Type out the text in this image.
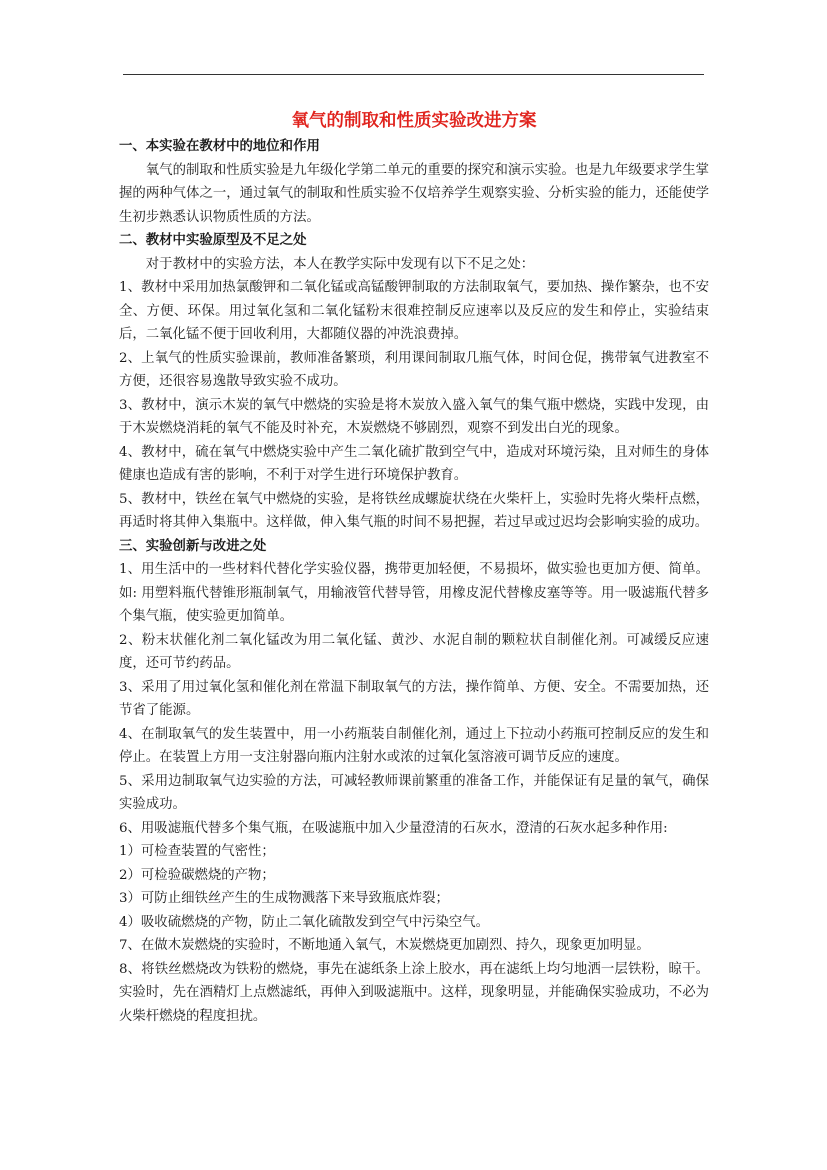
氧气的制取和性质实验改进方案
一、本实验在教材中的地位和作用

氧气的制取和性质实验是九年级化学第二单元的重要的探究和演示实验。也是九年级要求学生掌握的两种气体之一，通过氧气的制取和性质实验不仅培养学生观察实验、分析实验的能力，还能使学生初步熟悉认识物质性质的方法。

二、教材中实验原型及不足之处

对于教材中的实验方法，本人在教学实际中发现有以下不足之处：

1、教材中采用加热氯酸钾和二氧化锰或高锰酸钾制取的方法制取氧气，要加热、操作繁杂，也不安全、方便、环保。用过氧化氢和二氧化锰粉末很难控制反应速率以及反应的发生和停止，实验结束后，二氧化锰不便于回收利用，大都随仪器的冲洗浪费掉。

2、上氧气的性质实验课前，教师准备繁琐，利用课间制取几瓶气体，时间仓促，携带氧气进教室不方便，还很容易逸散导致实验不成功。

3、教材中，演示木炭的氧气中燃烧的实验是将木炭放入盛入氧气的集气瓶中燃烧，实践中发现，由于木炭燃烧消耗的氧气不能及时补充，木炭燃烧不够剧烈，观察不到发出白光的现象。

4、教材中，硫在氧气中燃烧实验中产生二氧化硫扩散到空气中，造成对环境污染，且对师生的身体健康也造成有害的影响，不利于对学生进行环境保护教育。

5、教材中，铁丝在氧气中燃烧的实验，是将铁丝成螺旋状绕在火柴杆上，实验时先将火柴杆点燃，再适时将其伸入集瓶中。这样做，伸入集气瓶的时间不易把握，若过早或过迟均会影响实验的成功。

三、实验创新与改进之处

1、用生活中的一些材料代替化学实验仪器，携带更加轻便，不易损坏，做实验也更加方便、简单。如: 用塑料瓶代替锥形瓶制氧气，用输液管代替导管，用橡皮泥代替橡皮塞等等。用一吸滤瓶代替多个集气瓶，使实验更加简单。

2、粉末状催化剂二氧化锰改为用二氧化锰、黄沙、水泥自制的颗粒状自制催化剂。可减缓反应速度，还可节约药品。

3、采用了用过氧化氢和催化剂在常温下制取氧气的方法，操作简单、方便、安全。不需要加热，还节省了能源。

4、在制取氧气的发生装置中，用一小药瓶装自制催化剂，通过上下拉动小药瓶可控制反应的发生和停止。在装置上方用一支注射器向瓶内注射水或浓的过氧化氢溶液可调节反应的速度。

5、采用边制取氧气边实验的方法，可减轻教师课前繁重的准备工作，并能保证有足量的氧气，确保实验成功。

6、用吸滤瓶代替多个集气瓶，在吸滤瓶中加入少量澄清的石灰水，澄清的石灰水起多种作用:

1）可检查装置的气密性；

2）可检验碳燃烧的产物；

3）可防止细铁丝产生的生成物溅落下来导致瓶底炸裂；

4）吸收硫燃烧的产物，防止二氧化硫散发到空气中污染空气。

7、在做木炭燃烧的实验时，不断地通入氧气，木炭燃烧更加剧烈、持久，现象更加明显。

8、将铁丝燃烧改为铁粉的燃烧，事先在滤纸条上涂上胶水，再在滤纸上均匀地洒一层铁粉，晾干。实验时，先在酒精灯上点燃滤纸，再伸入到吸滤瓶中。这样，现象明显，并能确保实验成功，不必为火柴杆燃烧的程度担扰。
